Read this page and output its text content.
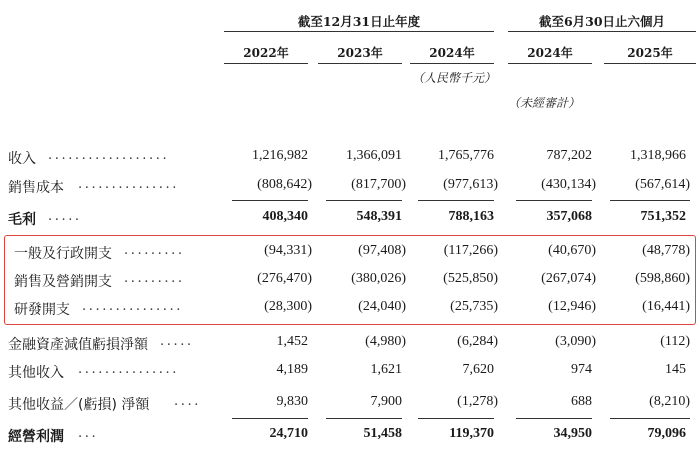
截至12月31日止年度	截至6月30日止六個月
2022年	2023年	2024年	2024年	2025年
（人民幣千元）
（未經審計）
收入 ..................	1,216,982	1,366,091	1,765,776	787,202	1,318,966
銷售成本 ...............	(808,642)	(817,700)	(977,613)	(430,134)	(567,614)
毛利 .....	408,340	548,391	788,163	357,068	751,352
一般及行政開支 .........	(94,331)	(97,408)	(117,266)	(40,670)	(48,778)
銷售及營銷開支 .........	(276,470)	(380,026)	(525,850)	(267,074)	(598,860)
研發開支 ...............	(28,300)	(24,040)	(25,735)	(12,946)	(16,441)
金融資產減值虧損淨額 .....	1,452	(4,980)	(6,284)	(3,090)	(112)
其他收入 ...............	4,189	1,621	7,620	974	145
其他收益／(虧損) 淨額 ....	9,830	7,900	(1,278)	688	(8,210)
經營利潤 ...	24,710	51,458	119,370	34,950	79,096
